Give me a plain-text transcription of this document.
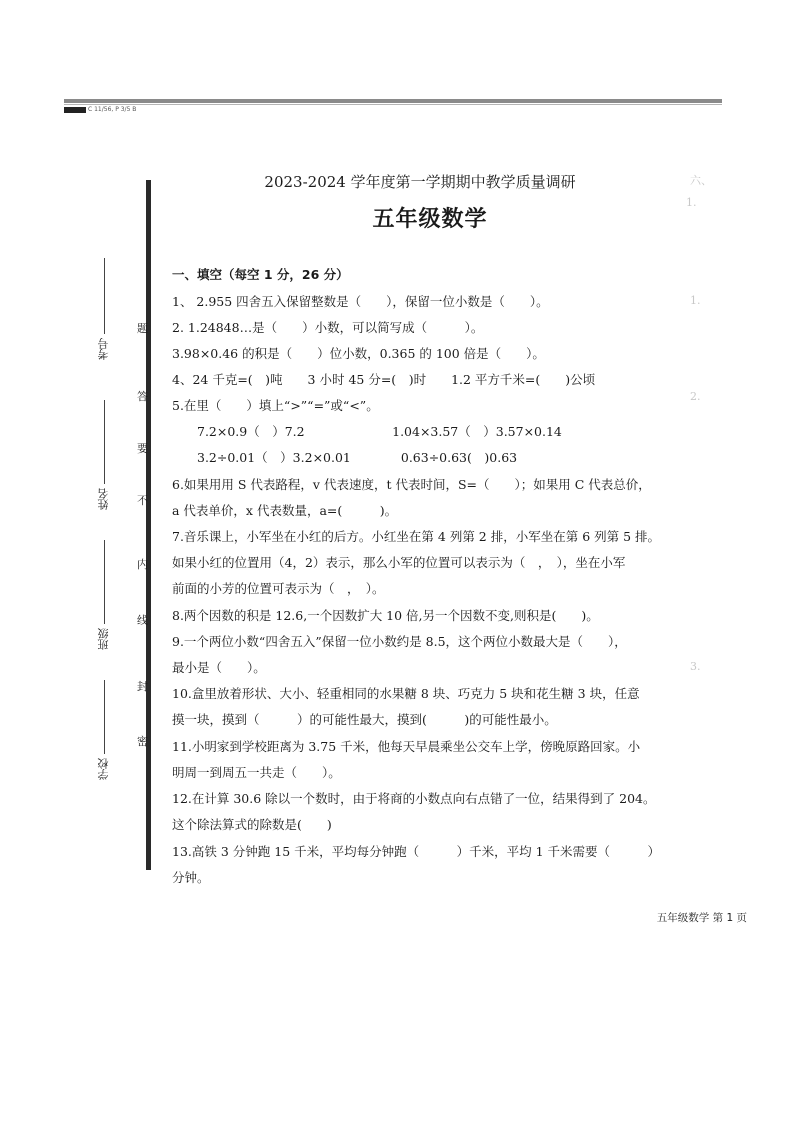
C 11/56, P 3/5 B
考号
姓名
班级
学校
题
答
要
不
内
线
封
密
六、
1.
1.
2.
3.
2023-2024 学年度第一学期期中教学质量调研
五年级数学
一、填空（每空 1 分，26 分）
1、 2.955 四舍五入保留整数是（　　），保留一位小数是（　　）。
2. 1.24848…是（　　）小数，可以简写成（　　　）。
3.98×0.46 的积是（　　）位小数，0.365 的 100 倍是（　　）。
4、24 千克=(　)吨　　3 小时 45 分=(　)时　　1.2 平方千米=(　　)公顷
5.在里（　　）填上“>”“=”或“<”。
　　7.2×0.9（　）7.2　　　　　　　1.04×3.57（　）3.57×0.14
　　3.2÷0.01（　）3.2×0.01　　　　0.63÷0.63(　)0.63
6.如果用用 S 代表路程，v 代表速度，t 代表时间，S=（　　）；如果用 C 代表总价，
a 代表单价，x 代表数量，a=(　　　)。
7.音乐课上，小军坐在小红的后方。小红坐在第 4 列第 2 排，小军坐在第 6 列第 5 排。
如果小红的位置用（4，2）表示，那么小军的位置可以表示为（　，　），坐在小军
前面的小芳的位置可表示为（　，　）。
8.两个因数的积是 12.6,一个因数扩大 10 倍,另一个因数不变,则积是(　　)。
9.一个两位小数“四舍五入”保留一位小数约是 8.5，这个两位小数最大是（　　），
最小是（　　）。
10.盒里放着形状、大小、轻重相同的水果糖 8 块、巧克力 5 块和花生糖 3 块，任意
摸一块，摸到（　　　）的可能性最大，摸到(　　　)的可能性最小。
11.小明家到学校距离为 3.75 千米，他每天早晨乘坐公交车上学，傍晚原路回家。小
明周一到周五一共走（　　）。
12.在计算 30.6 除以一个数时，由于将商的小数点向右点错了一位，结果得到了 204。
这个除法算式的除数是(　　)
13.高铁 3 分钟跑 15 千米，平均每分钟跑（　　　）千米，平均 1 千米需要（　　　）
分钟。
五年级数学 第 1 页
